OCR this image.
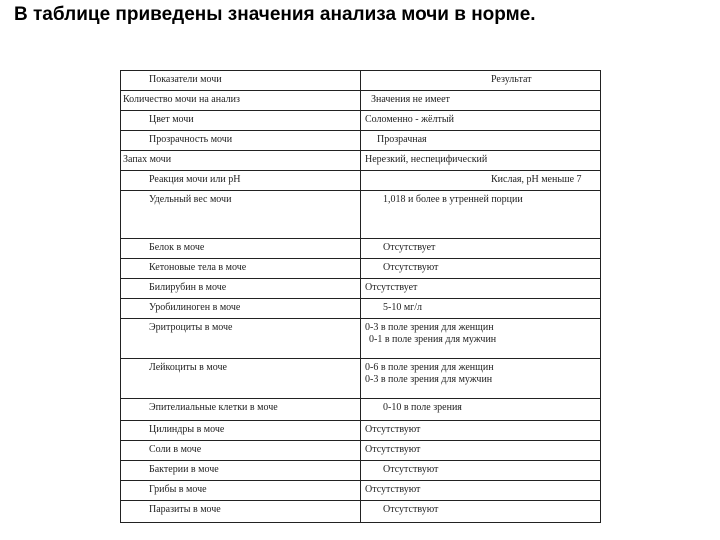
В таблице приведены значения анализа мочи в норме.
Показатели мочи	Результат
Количество мочи на анализ	Значения не имеет

Цвет мочи	Соломенно - жёлтый

Прозрачность мочи	Прозрачная

Запах мочи	Нерезкий, неспецифический

Реакция мочи или pH	Кислая, pH меньше 7

Удельный вес мочи	1,018 и более в утренней порции

Белок в моче	Отсутствует

Кетоновые тела в моче	Отсутствуют

Билирубин в моче	Отсутствует

Уробилиноген в моче	5-10 мг/л

Эритроциты в моче	0-3 в поле зрения для женщин
0-1 в поле зрения для мужчин

Лейкоциты в моче	0-6 в поле зрения для женщин
0-3 в поле зрения для мужчин

Эпителиальные клетки в моче	0-10 в поле зрения

Цилиндры в моче	Отсутствуют

Соли в моче	Отсутствуют

Бактерии в моче	Отсутствуют

Грибы в моче	Отсутствуют

Паразиты в моче	Отсутствуют
